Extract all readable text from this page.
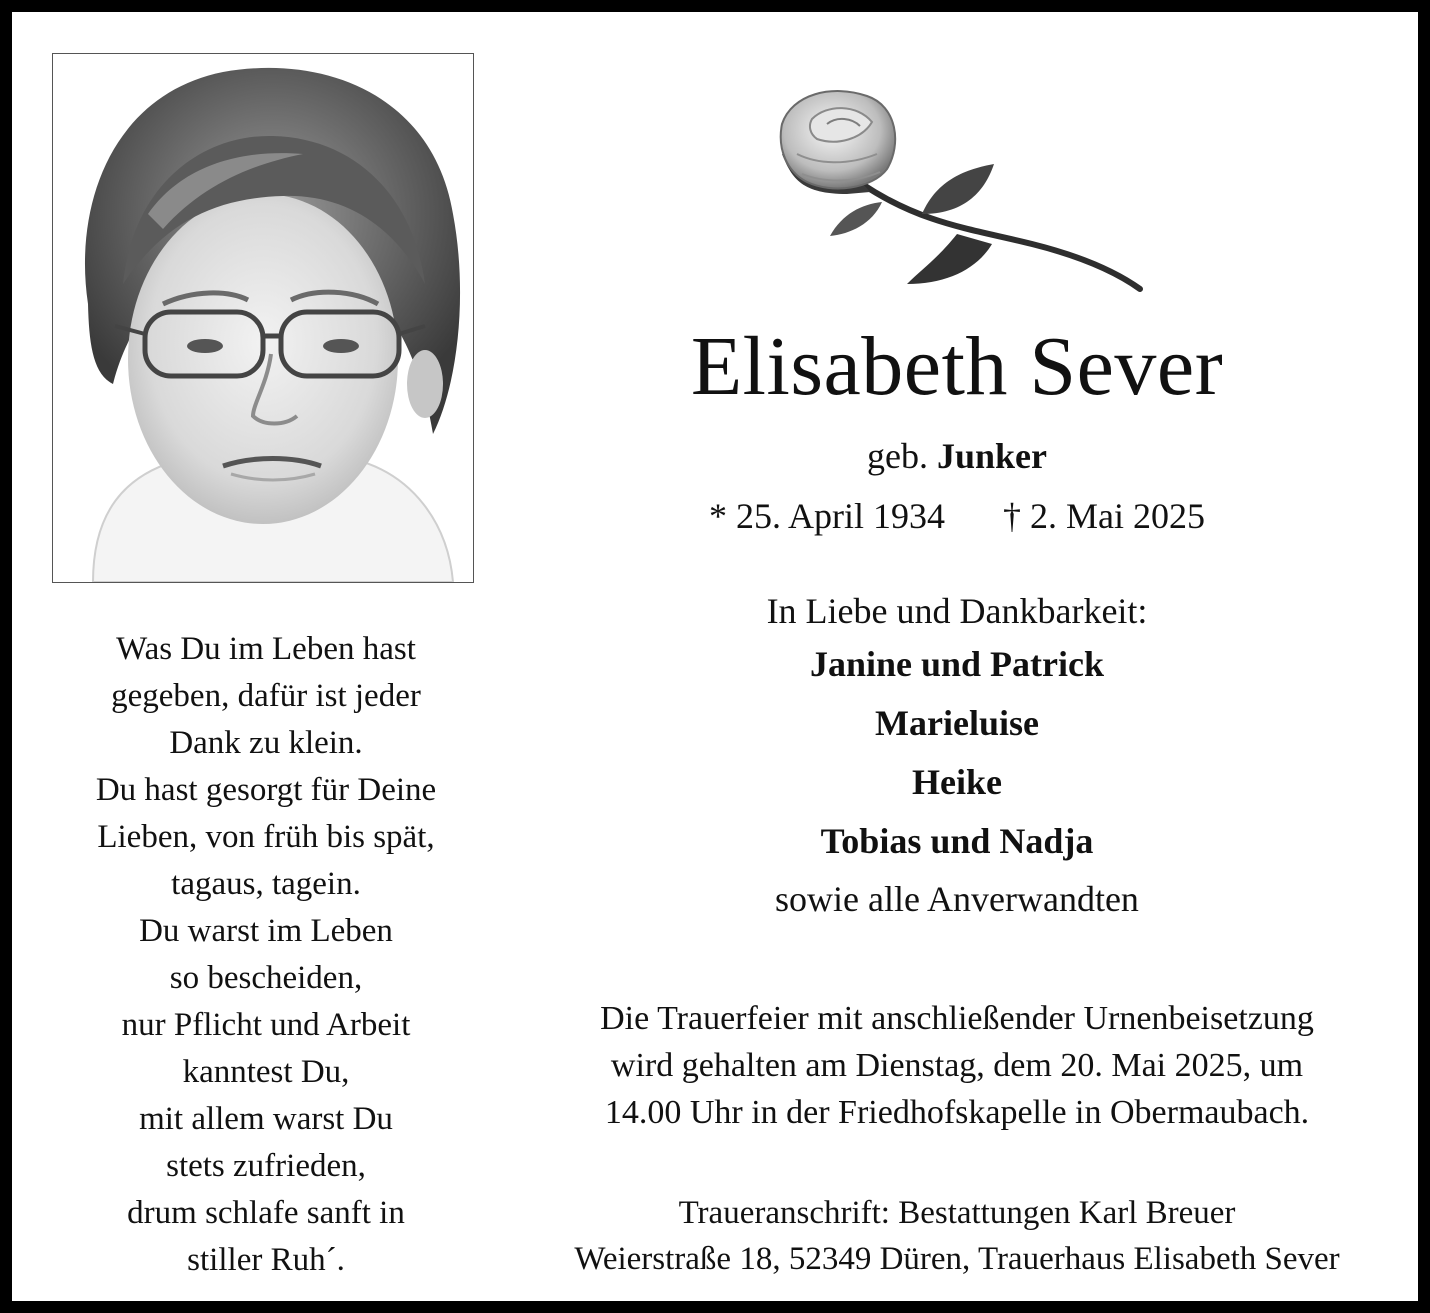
Was Du im Leben hast
gegeben, dafür ist jeder
Dank zu klein.
Du hast gesorgt für Deine
Lieben, von früh bis spät,
tagaus, tagein.
Du warst im Leben
so bescheiden,
nur Pflicht und Arbeit
kanntest Du,
mit allem warst Du
stets zufrieden,
drum schlafe sanft in
stiller Ruh´.
Elisabeth Sever
geb. Junker
* 25. April 1934 † 2. Mai 2025
In Liebe und Dankbarkeit:
Janine und Patrick
Marieluise
Heike
Tobias und Nadja
sowie alle Anverwandten
Die Trauerfeier mit anschließender Urnenbeisetzung
wird gehalten am Dienstag, dem 20. Mai 2025, um
14.00 Uhr in der Friedhofskapelle in Obermaubach.
Traueranschrift: Bestattungen Karl Breuer
Weierstraße 18, 52349 Düren, Trauerhaus Elisabeth Sever
